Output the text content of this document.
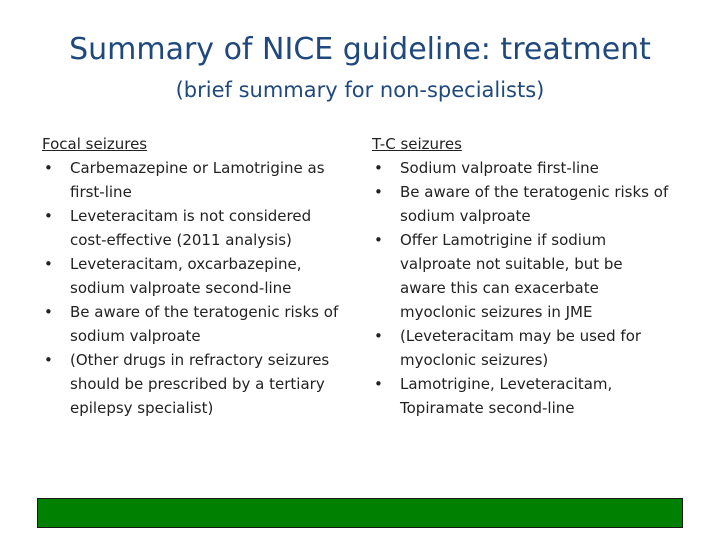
Summary of NICE guideline: treatment
(brief summary for non-specialists)

Focal seizures

• Carbemazepine or Lamotrigine as first-line
• Leveteracitam is not considered cost-effective (2011 analysis)
• Leveteracitam, oxcarbazepine, sodium valproate second-line
• Be aware of the teratogenic risks of sodium valproate
• (Other drugs in refractory seizures should be prescribed by a tertiary epilepsy specialist)

T-C seizures

• Sodium valproate first-line
• Be aware of the teratogenic risks of sodium valproate
• Offer Lamotrigine if sodium valproate not suitable, but be aware this can exacerbate myoclonic seizures in JME
• (Leveteracitam may be used for myoclonic seizures)
• Lamotrigine, Leveteracitam, Topiramate second-line
